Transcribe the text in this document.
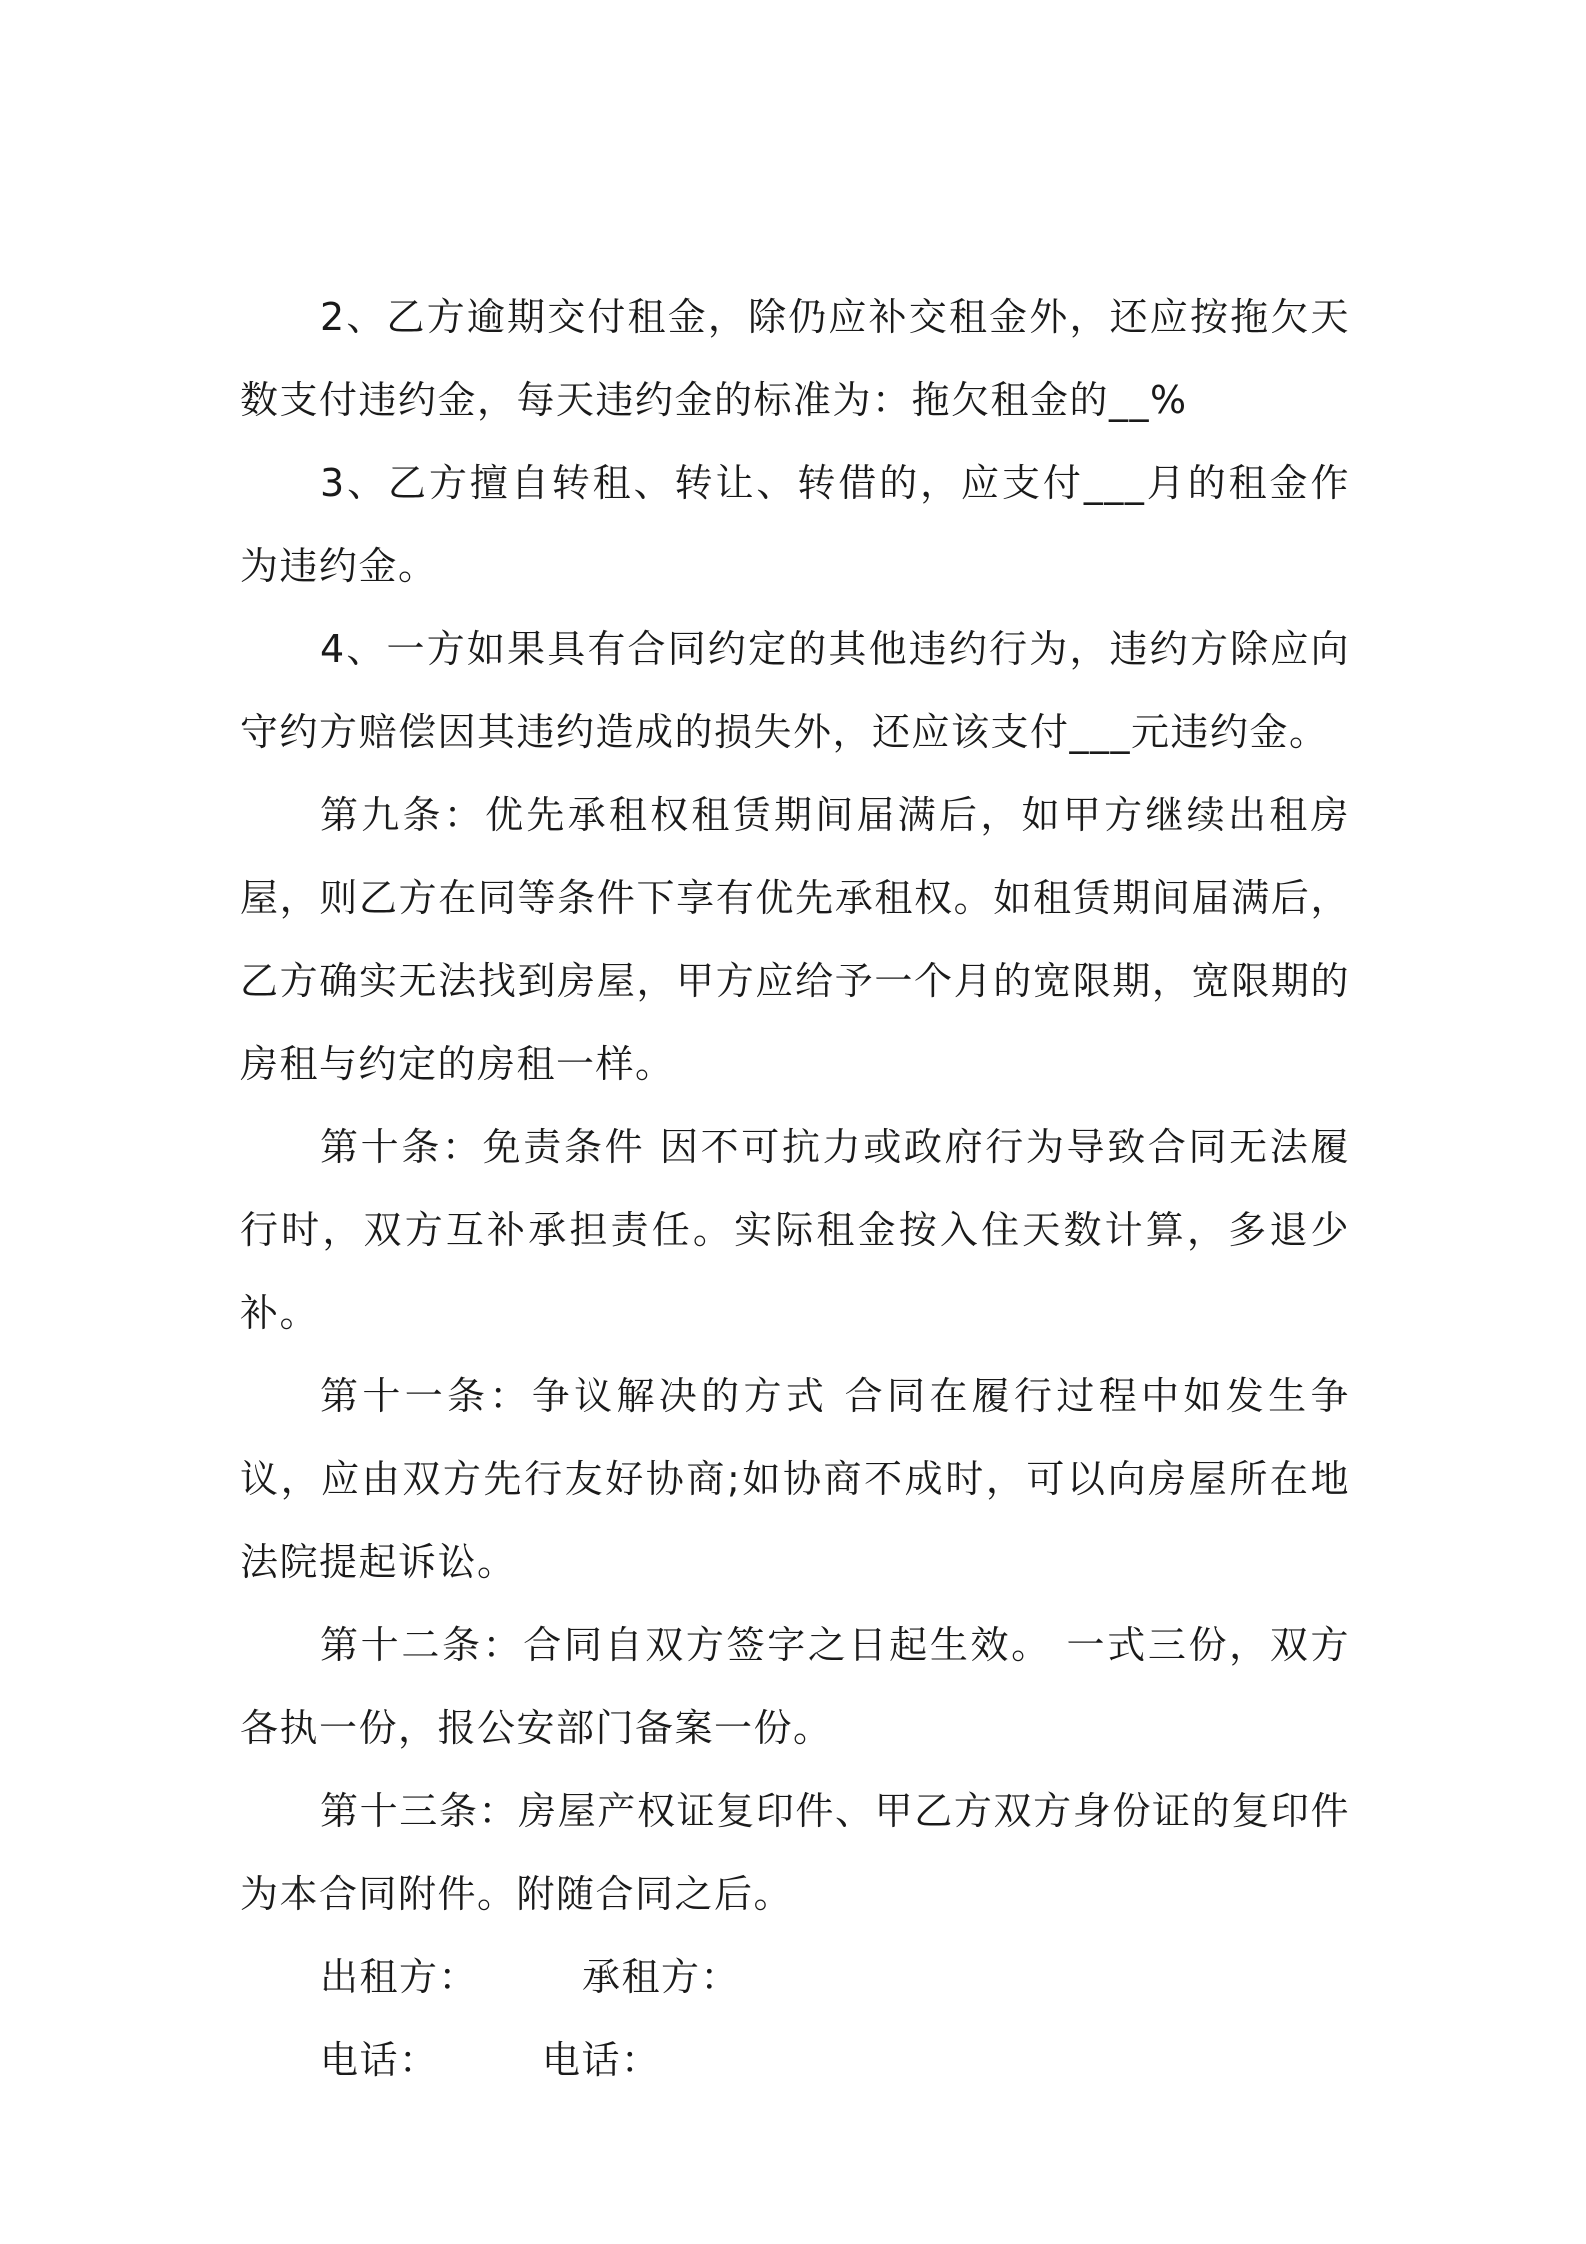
2、乙方逾期交付租金，除仍应补交租金外，还应按拖欠天数支付违约金，每天违约金的标准为：拖欠租金的__%

3、乙方擅自转租、转让、转借的，应支付___月的租金作为违约金。

4、一方如果具有合同约定的其他违约行为，违约方除应向守约方赔偿因其违约造成的损失外，还应该支付___元违约金。

第九条：优先承租权租赁期间届满后，如甲方继续出租房屋，则乙方在同等条件下享有优先承租权。如租赁期间届满后，乙方确实无法找到房屋，甲方应给予一个月的宽限期，宽限期的房租与约定的房租一样。

第十条：免责条件 因不可抗力或政府行为导致合同无法履行时，双方互补承担责任。实际租金按入住天数计算，多退少补。

第十一条：争议解决的方式 合同在履行过程中如发生争议，应由双方先行友好协商;如协商不成时，可以向房屋所在地法院提起诉讼。

第十二条：合同自双方签字之日起生效。 一式三份，双方各执一份，报公安部门备案一份。

第十三条：房屋产权证复印件、甲乙方双方身份证的复印件为本合同附件。附随合同之后。

出租方：	承租方：
电话：	电话：
